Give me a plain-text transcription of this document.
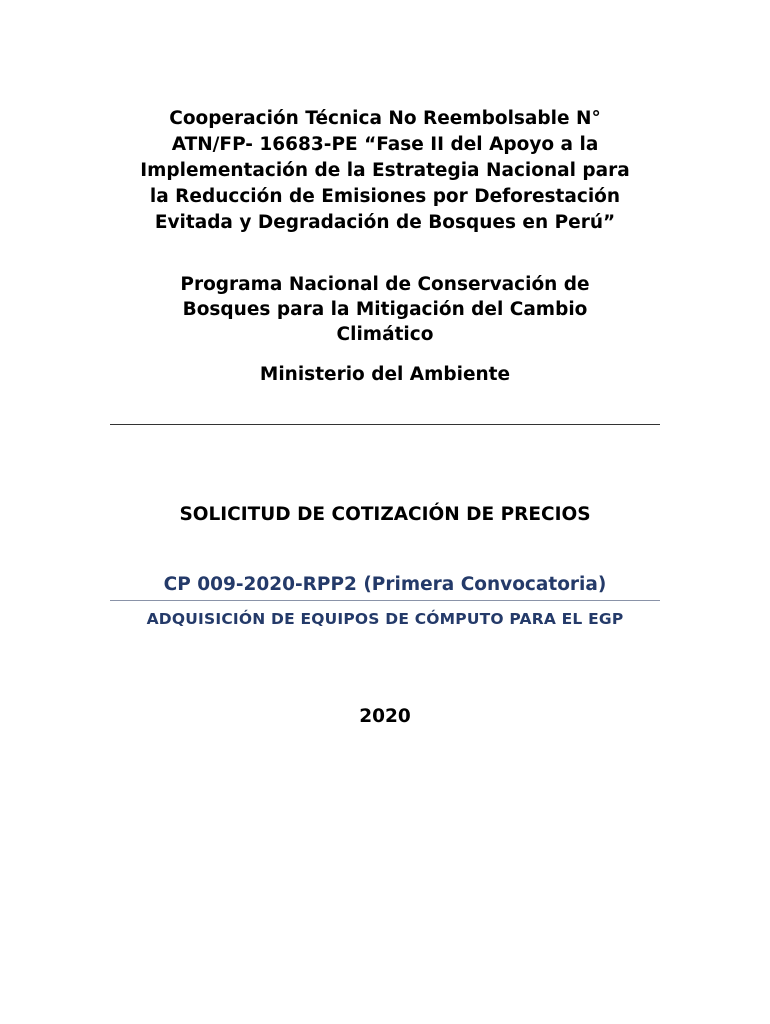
Cooperación Técnica No Reembolsable N°
ATN/FP- 16683-PE “Fase II del Apoyo a la
Implementación de la Estrategia Nacional para
la Reducción de Emisiones por Deforestación
Evitada y Degradación de Bosques en Perú”
Programa Nacional de Conservación de
Bosques para la Mitigación del Cambio
Climático
Ministerio del Ambiente
SOLICITUD DE COTIZACIÓN DE PRECIOS
CP 009-2020-RPP2 (Primera Convocatoria)
ADQUISICIÓN DE EQUIPOS DE CÓMPUTO PARA EL EGP
2020
